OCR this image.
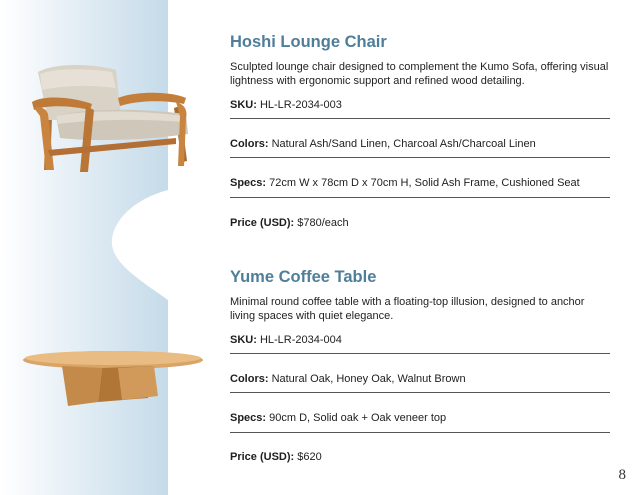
Hoshi Lounge Chair

Sculpted lounge chair designed to complement the Kumo Sofa, offering visual lightness with ergonomic support and refined wood detailing.

SKU: HL-LR-2034-003
Colors: Natural Ash/Sand Linen, Charcoal Ash/Charcoal Linen
Specs: 72cm W x 78cm D x 70cm H, Solid Ash Frame, Cushioned Seat
Price (USD): $780/each
Yume Coffee Table

Minimal round coffee table with a floating-top illusion, designed to anchor living spaces with quiet elegance.

SKU: HL-LR-2034-004
Colors: Natural Oak, Honey Oak, Walnut Brown
Specs: 90cm D, Solid oak + Oak veneer top
Price (USD): $620
8
